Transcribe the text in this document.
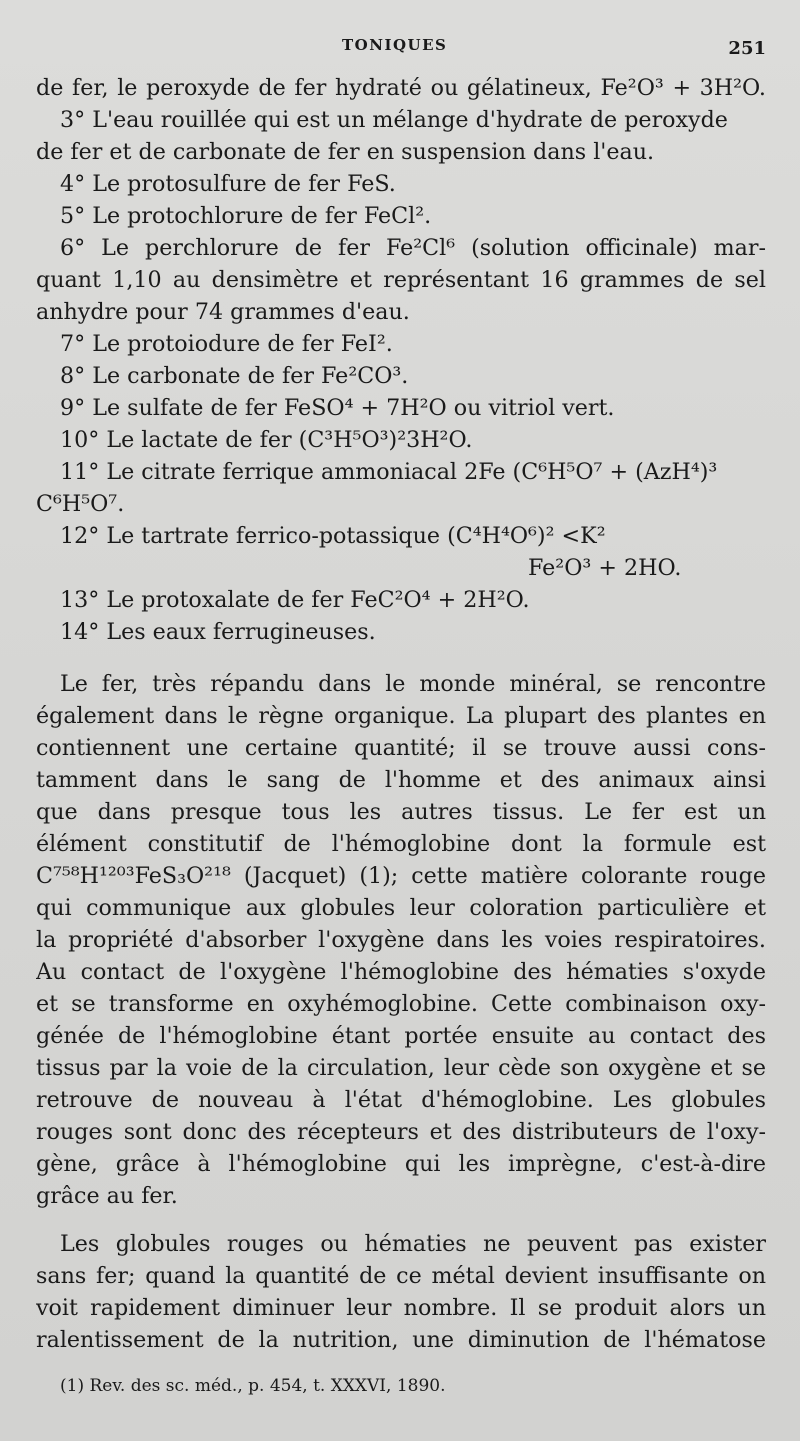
TONIQUES	251
de fer, le peroxyde de fer hydraté ou gélatineux, Fe²O³ + 3H²O.
3° L'eau rouillée qui est un mélange d'hydrate de peroxyde
de fer et de carbonate de fer en suspension dans l'eau.
4° Le protosulfure de fer FeS.
5° Le protochlorure de fer FeCl².
6° Le perchlorure de fer Fe²Cl⁶ (solution officinale) mar-
quant 1,10 au densimètre et représentant 16 grammes de sel
anhydre pour 74 grammes d'eau.
7° Le protoiodure de fer FeI².
8° Le carbonate de fer Fe²CO³.
9° Le sulfate de fer FeSO⁴ + 7H²O ou vitriol vert.
10° Le lactate de fer (C³H⁵O³)²3H²O.
11° Le citrate ferrique ammoniacal 2Fe (C⁶H⁵O⁷ + (AzH⁴)³
C⁶H⁵O⁷.
12° Le tartrate ferrico-potassique (C⁴H⁴O⁶)² <K²
Fe²O³ + 2HO.
13° Le protoxalate de fer FeC²O⁴ + 2H²O.
14° Les eaux ferrugineuses.
Le fer, très répandu dans le monde minéral, se rencontre
également dans le règne organique. La plupart des plantes en
contiennent une certaine quantité; il se trouve aussi cons-
tamment dans le sang de l'homme et des animaux ainsi
que dans presque tous les autres tissus. Le fer est un
élément constitutif de l'hémoglobine dont la formule est
C⁷⁵⁸H¹²⁰³FeS₃O²¹⁸ (Jacquet) (1); cette matière colorante rouge
qui communique aux globules leur coloration particulière et
la propriété d'absorber l'oxygène dans les voies respiratoires.
Au contact de l'oxygène l'hémoglobine des hématies s'oxyde
et se transforme en oxyhémoglobine. Cette combinaison oxy-
génée de l'hémoglobine étant portée ensuite au contact des
tissus par la voie de la circulation, leur cède son oxygène et se
retrouve de nouveau à l'état d'hémoglobine. Les globules
rouges sont donc des récepteurs et des distributeurs de l'oxy-
gène, grâce à l'hémoglobine qui les imprègne, c'est-à-dire
grâce au fer.
Les globules rouges ou hématies ne peuvent pas exister
sans fer; quand la quantité de ce métal devient insuffisante on
voit rapidement diminuer leur nombre. Il se produit alors un
ralentissement de la nutrition, une diminution de l'hématose
(1) Rev. des sc. méd., p. 454, t. XXXVI, 1890.
